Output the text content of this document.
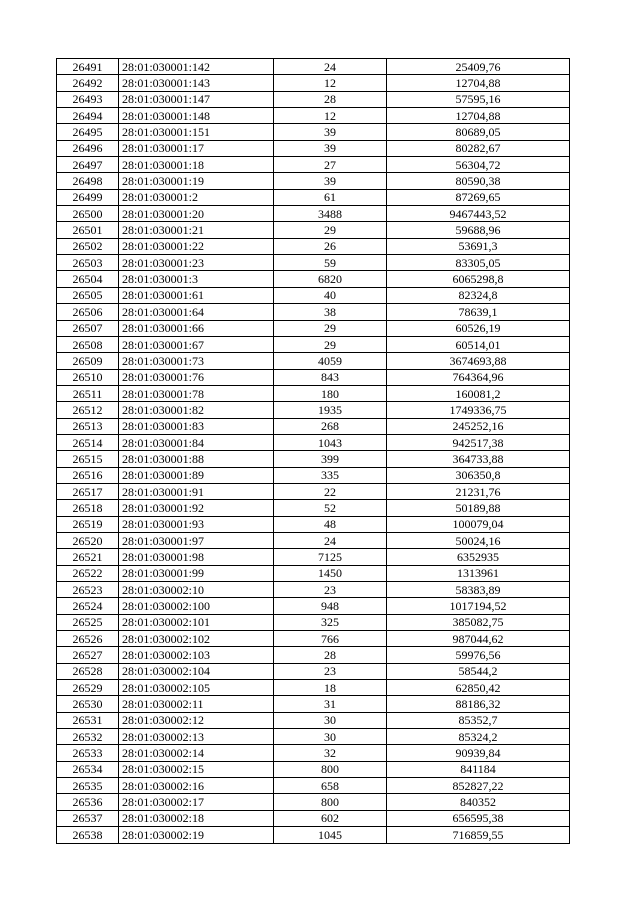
26491	28:01:030001:142	24	25409,76
26492	28:01:030001:143	12	12704,88
26493	28:01:030001:147	28	57595,16
26494	28:01:030001:148	12	12704,88
26495	28:01:030001:151	39	80689,05
26496	28:01:030001:17	39	80282,67
26497	28:01:030001:18	27	56304,72
26498	28:01:030001:19	39	80590,38
26499	28:01:030001:2	61	87269,65
26500	28:01:030001:20	3488	9467443,52
26501	28:01:030001:21	29	59688,96
26502	28:01:030001:22	26	53691,3
26503	28:01:030001:23	59	83305,05
26504	28:01:030001:3	6820	6065298,8
26505	28:01:030001:61	40	82324,8
26506	28:01:030001:64	38	78639,1
26507	28:01:030001:66	29	60526,19
26508	28:01:030001:67	29	60514,01
26509	28:01:030001:73	4059	3674693,88
26510	28:01:030001:76	843	764364,96
26511	28:01:030001:78	180	160081,2
26512	28:01:030001:82	1935	1749336,75
26513	28:01:030001:83	268	245252,16
26514	28:01:030001:84	1043	942517,38
26515	28:01:030001:88	399	364733,88
26516	28:01:030001:89	335	306350,8
26517	28:01:030001:91	22	21231,76
26518	28:01:030001:92	52	50189,88
26519	28:01:030001:93	48	100079,04
26520	28:01:030001:97	24	50024,16
26521	28:01:030001:98	7125	6352935
26522	28:01:030001:99	1450	1313961
26523	28:01:030002:10	23	58383,89
26524	28:01:030002:100	948	1017194,52
26525	28:01:030002:101	325	385082,75
26526	28:01:030002:102	766	987044,62
26527	28:01:030002:103	28	59976,56
26528	28:01:030002:104	23	58544,2
26529	28:01:030002:105	18	62850,42
26530	28:01:030002:11	31	88186,32
26531	28:01:030002:12	30	85352,7
26532	28:01:030002:13	30	85324,2
26533	28:01:030002:14	32	90939,84
26534	28:01:030002:15	800	841184
26535	28:01:030002:16	658	852827,22
26536	28:01:030002:17	800	840352
26537	28:01:030002:18	602	656595,38
26538	28:01:030002:19	1045	716859,55
